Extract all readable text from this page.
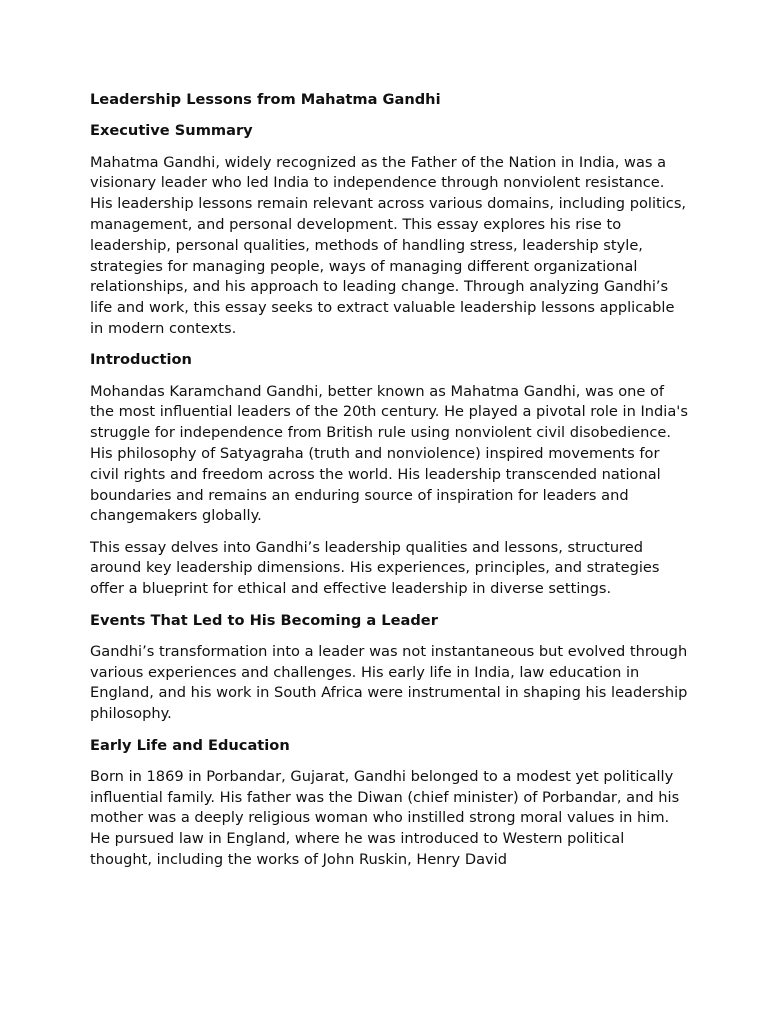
Leadership Lessons from Mahatma Gandhi
Executive Summary
Mahatma Gandhi, widely recognized as the Father of the Nation in India, was a visionary leader who led India to independence through nonviolent resistance. His leadership lessons remain relevant across various domains, including politics, management, and personal development. This essay explores his rise to leadership, personal qualities, methods of handling stress, leadership style, strategies for managing people, ways of managing different organizational relationships, and his approach to leading change. Through analyzing Gandhi’s life and work, this essay seeks to extract valuable leadership lessons applicable in modern contexts.
Introduction
Mohandas Karamchand Gandhi, better known as Mahatma Gandhi, was one of the most influential leaders of the 20th century. He played a pivotal role in India's struggle for independence from British rule using nonviolent civil disobedience. His philosophy of Satyagraha (truth and nonviolence) inspired movements for civil rights and freedom across the world. His leadership transcended national boundaries and remains an enduring source of inspiration for leaders and changemakers globally.
This essay delves into Gandhi’s leadership qualities and lessons, structured around key leadership dimensions. His experiences, principles, and strategies offer a blueprint for ethical and effective leadership in diverse settings.
Events That Led to His Becoming a Leader
Gandhi’s transformation into a leader was not instantaneous but evolved through various experiences and challenges. His early life in India, law education in England, and his work in South Africa were instrumental in shaping his leadership philosophy.
Early Life and Education
Born in 1869 in Porbandar, Gujarat, Gandhi belonged to a modest yet politically influential family. His father was the Diwan (chief minister) of Porbandar, and his mother was a deeply religious woman who instilled strong moral values in him. He pursued law in England, where he was introduced to Western political thought, including the works of John Ruskin, Henry David
